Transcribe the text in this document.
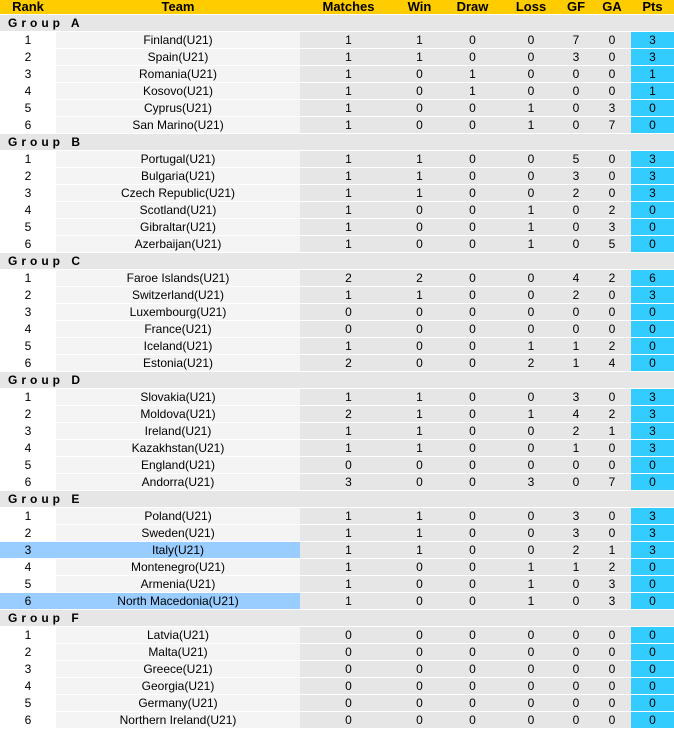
Rank	Team	Matches	Win	Draw	Loss	GF	GA	Pts
Group A								
1	Finland(U21)	1	1	0	0	7	0	3
2	Spain(U21)	1	1	0	0	3	0	3
3	Romania(U21)	1	0	1	0	0	0	1
4	Kosovo(U21)	1	0	1	0	0	0	1
5	Cyprus(U21)	1	0	0	1	0	3	0
6	San Marino(U21)	1	0	0	1	0	7	0
Group B								
1	Portugal(U21)	1	1	0	0	5	0	3
2	Bulgaria(U21)	1	1	0	0	3	0	3
3	Czech Republic(U21)	1	1	0	0	2	0	3
4	Scotland(U21)	1	0	0	1	0	2	0
5	Gibraltar(U21)	1	0	0	1	0	3	0
6	Azerbaijan(U21)	1	0	0	1	0	5	0
Group C								
1	Faroe Islands(U21)	2	2	0	0	4	2	6
2	Switzerland(U21)	1	1	0	0	2	0	3
3	Luxembourg(U21)	0	0	0	0	0	0	0
4	France(U21)	0	0	0	0	0	0	0
5	Iceland(U21)	1	0	0	1	1	2	0
6	Estonia(U21)	2	0	0	2	1	4	0
Group D								
1	Slovakia(U21)	1	1	0	0	3	0	3
2	Moldova(U21)	2	1	0	1	4	2	3
3	Ireland(U21)	1	1	0	0	2	1	3
4	Kazakhstan(U21)	1	1	0	0	1	0	3
5	England(U21)	0	0	0	0	0	0	0
6	Andorra(U21)	3	0	0	3	0	7	0
Group E								
1	Poland(U21)	1	1	0	0	3	0	3
2	Sweden(U21)	1	1	0	0	3	0	3
3	Italy(U21)	1	1	0	0	2	1	3
4	Montenegro(U21)	1	0	0	1	1	2	0
5	Armenia(U21)	1	0	0	1	0	3	0
6	North Macedonia(U21)	1	0	0	1	0	3	0
Group F								
1	Latvia(U21)	0	0	0	0	0	0	0
2	Malta(U21)	0	0	0	0	0	0	0
3	Greece(U21)	0	0	0	0	0	0	0
4	Georgia(U21)	0	0	0	0	0	0	0
5	Germany(U21)	0	0	0	0	0	0	0
6	Northern Ireland(U21)	0	0	0	0	0	0	0
